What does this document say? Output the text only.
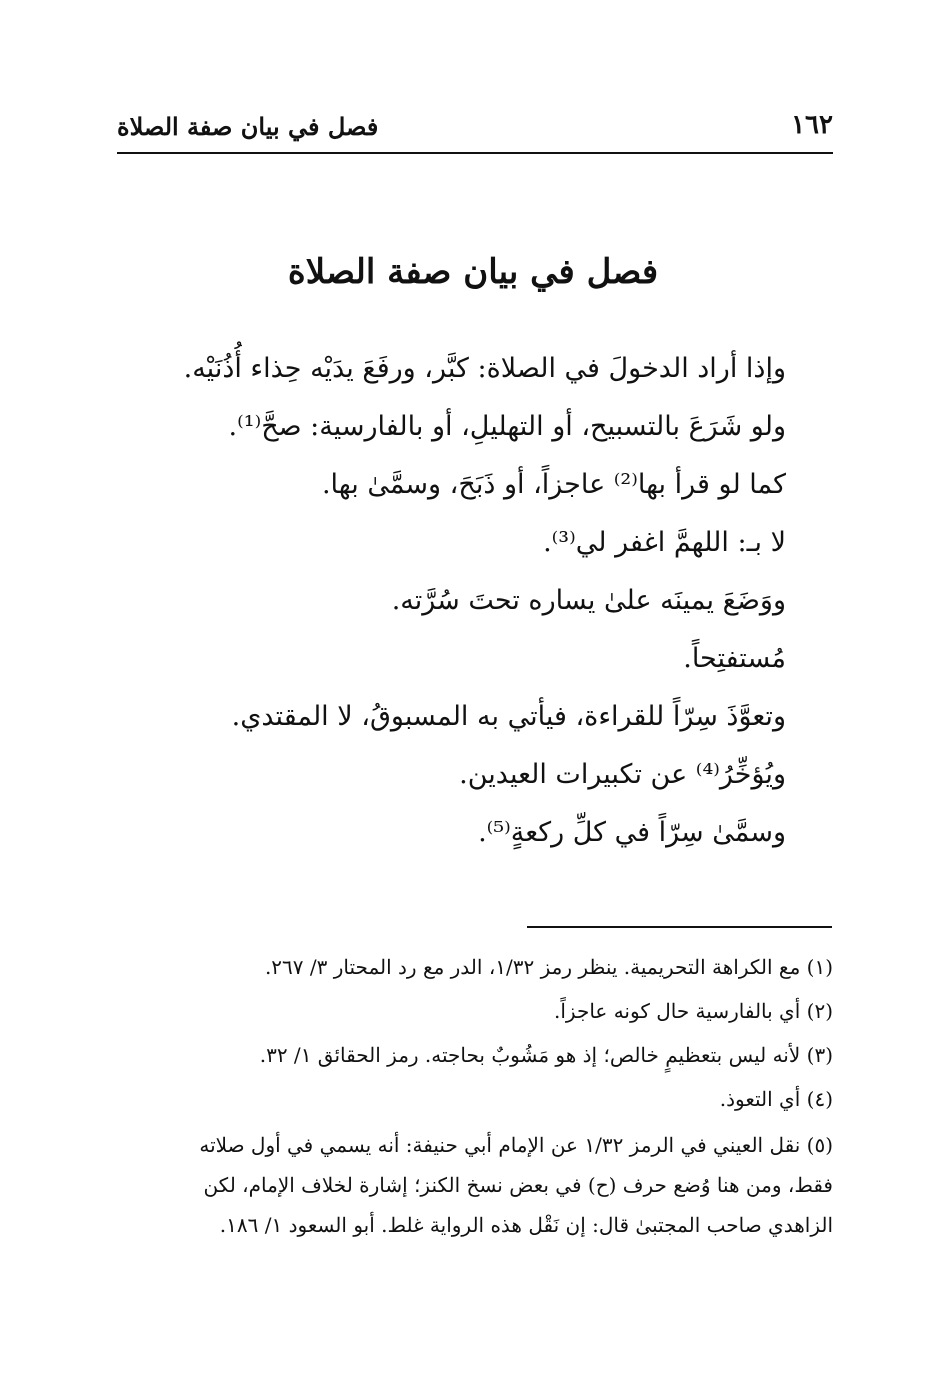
١٦٢
فصل في بيان صفة الصلاة
فصل في بيان صفة الصلاة
وإذا أراد الدخولَ في الصلاة: كبَّر، ورفَعَ يدَيْه حِذاء أُذُنَيْه.
ولو شَرَعَ بالتسبيح، أو التهليلِ، أو بالفارسية: صحَّ⁽¹⁾.
كما لو قرأ بها⁽²⁾ عاجزاً، أو ذَبَحَ، وسمَّىٰ بها.
لا بـ: اللهمَّ اغفر لي⁽³⁾.
ووَضَعَ يمينَه علىٰ يساره تحتَ سُرَّته.
مُستفتِحاً.
وتعوَّذَ سِرّاً للقراءة، فيأتي به المسبوقُ، لا المقتدي.
ويُؤخِّرُ⁽⁴⁾ عن تكبيرات العيدين.
وسمَّىٰ سِرّاً في كلِّ ركعةٍ⁽⁵⁾.
(١) مع الكراهة التحريمية. ينظر رمز ١/٣٢، الدر مع رد المحتار ٣/ ٢٦٧.
(٢) أي بالفارسية حال كونه عاجزاً.
(٣) لأنه ليس بتعظيمٍ خالص؛ إذ هو مَشُوبٌ بحاجته. رمز الحقائق ١/ ٣٢.
(٤) أي التعوذ.
(٥) نقل العيني في الرمز ١/٣٢ عن الإمام أبي حنيفة: أنه يسمي في أول صلاته
فقط، ومن هنا وُضع حرف (ح) في بعض نسخ الكنز؛ إشارة لخلاف الإمام، لكن
الزاهدي صاحب المجتبىٰ قال: إن نَقْل هذه الرواية غلط. أبو السعود ١/ ١٨٦.
